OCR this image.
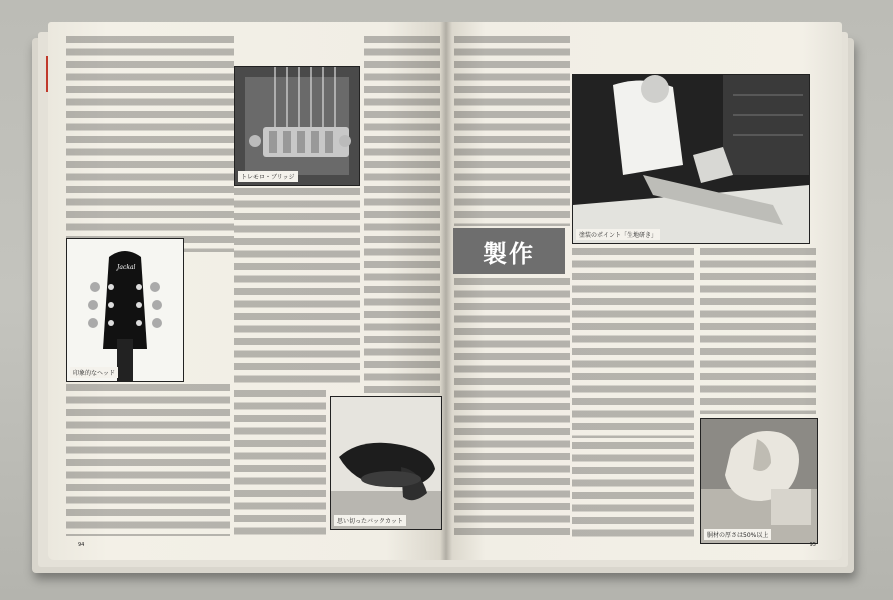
トレモロ・ブリッジ
Jackal
印象的なヘッド
思い切ったバックカット
94
塗装のポイント「生地研き」
胴材の厚さは50%以上
95
製作
